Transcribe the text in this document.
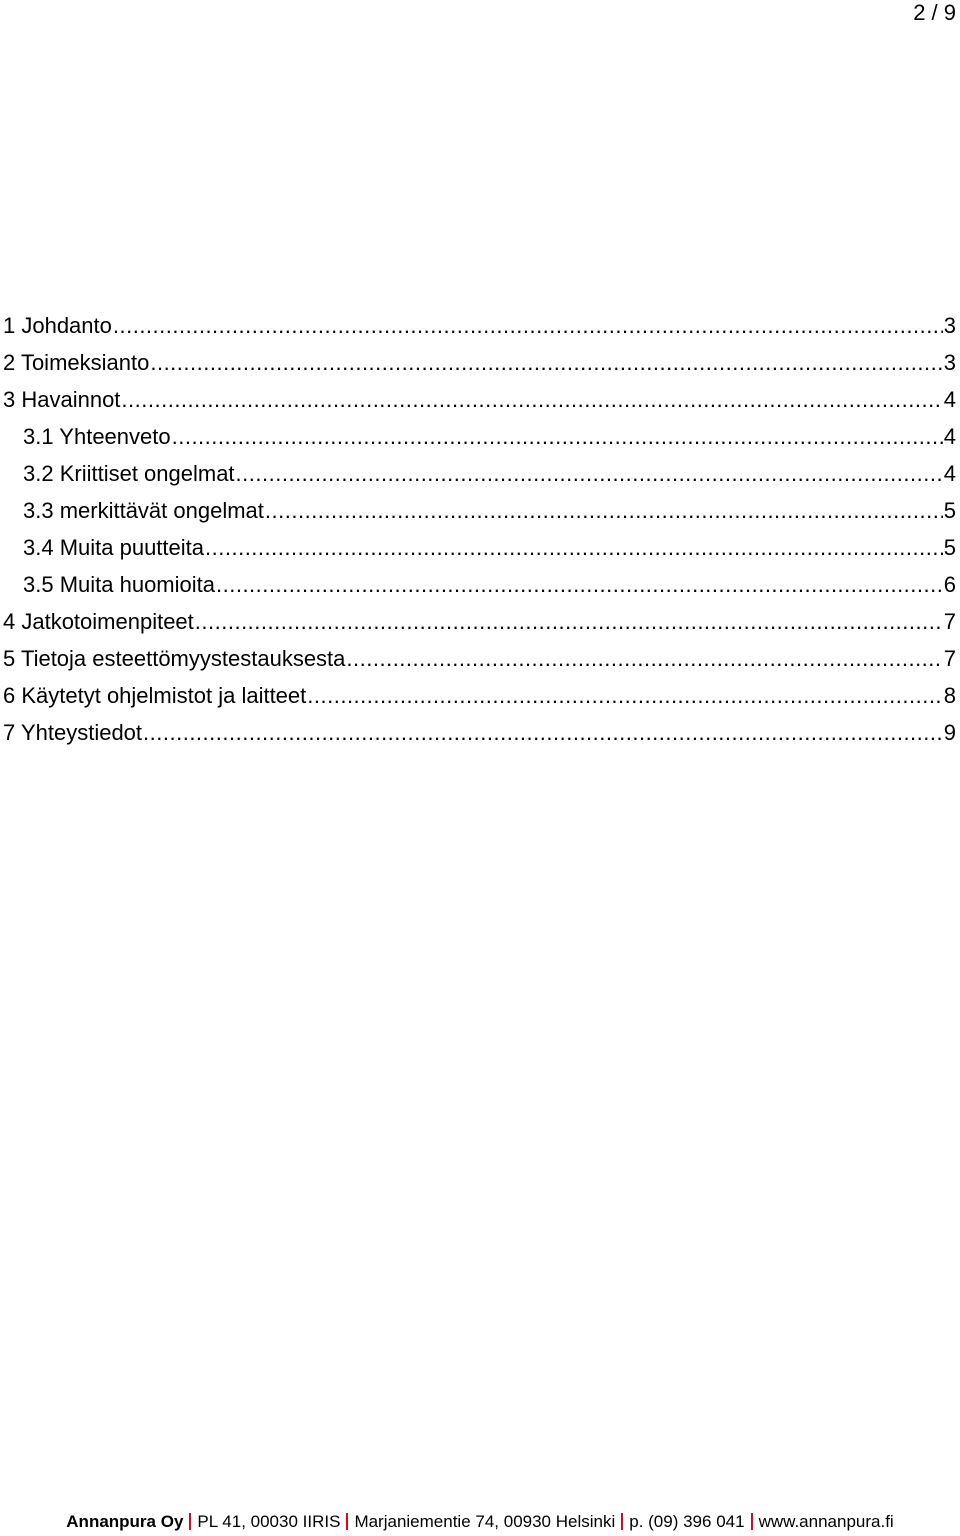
2 / 9
1 Johdanto .....	3
2 Toimeksianto .....	3
3 Havainnot .....	4
3.1 Yhteenveto .....	4
3.2 Kriittiset ongelmat .....	4
3.3 merkittävät ongelmat .....	5
3.4 Muita puutteita .....	5
3.5 Muita huomioita .....	6
4 Jatkotoimenpiteet .....	7
5 Tietoja esteettömyystestauksesta .....	7
6 Käytetyt ohjelmistot ja laitteet .....	8
7 Yhteystiedot .....	9
Annanpura Oy PL 41, 00030 IIRIS Marjaniementie 74, 00930 Helsinki p. (09) 396 041 www.annanpura.fi
